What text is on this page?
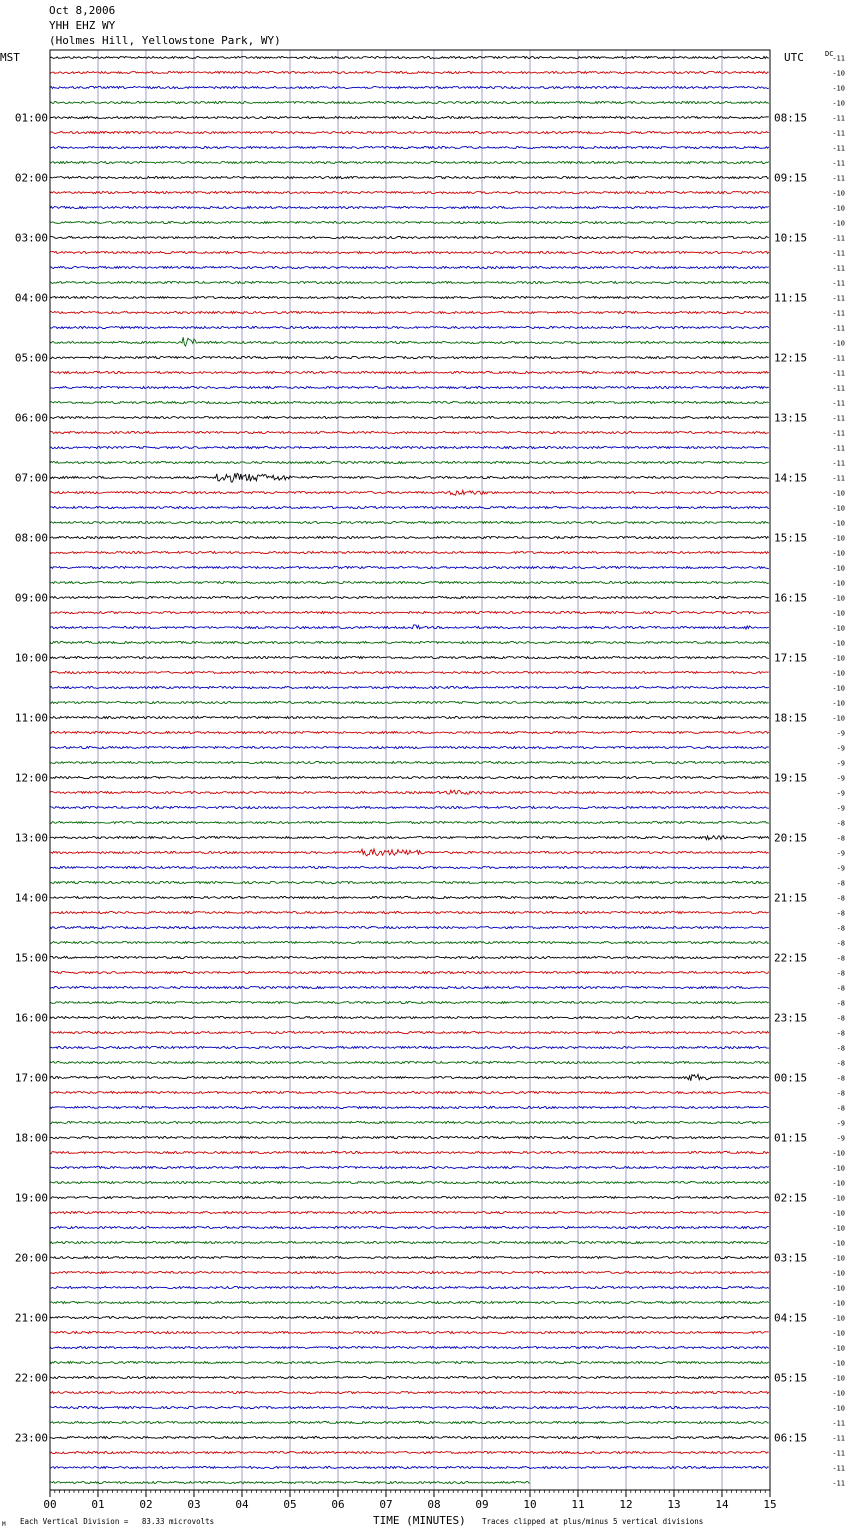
Oct 8,2006
YHH EHZ WY
(Holmes Hill, Yellowstone Park, WY)
01:00
02:00
03:00
04:00
05:00
06:00
07:00
08:00
09:00
10:00
11:00
12:00
13:00
14:00
15:00
16:00
17:00
18:00
19:00
20:00
21:00
22:00
23:00
08:15
09:15
10:15
11:15
12:15
13:15
14:15
15:15
16:15
17:15
18:15
19:15
20:15
21:15
22:15
23:15
00:15
01:15
02:15
03:15
04:15
05:15
06:15
-11
-10
-10
-10
-11
-11
-11
-11
-11
-10
-10
-10
-11
-11
-11
-11
-11
-11
-11
-10
-11
-11
-11
-11
-11
-11
-11
-11
-11
-10
-10
-10
-10
-10
-10
-10
-10
-10
-10
-10
-10
-10
-10
-10
-10
-9
-9
-9
-9
-9
-9
-8
-8
-9
-9
-8
-8
-8
-8
-8
-8
-8
-8
-8
-8
-8
-8
-8
-8
-8
-8
-9
-9
-10
-10
-10
-10
-10
-10
-10
-10
-10
-10
-10
-10
-10
-10
-10
-10
-10
-10
-11
-11
-11
-11
-11
00	01	02	03	04	05	06	07	08	09	10	11	12	13	14	15
MST	UTC	DC
TIME (MINUTES)
Each Vertical Division =   83.33 microvolts	Traces clipped at plus/minus 5 vertical divisions
M
